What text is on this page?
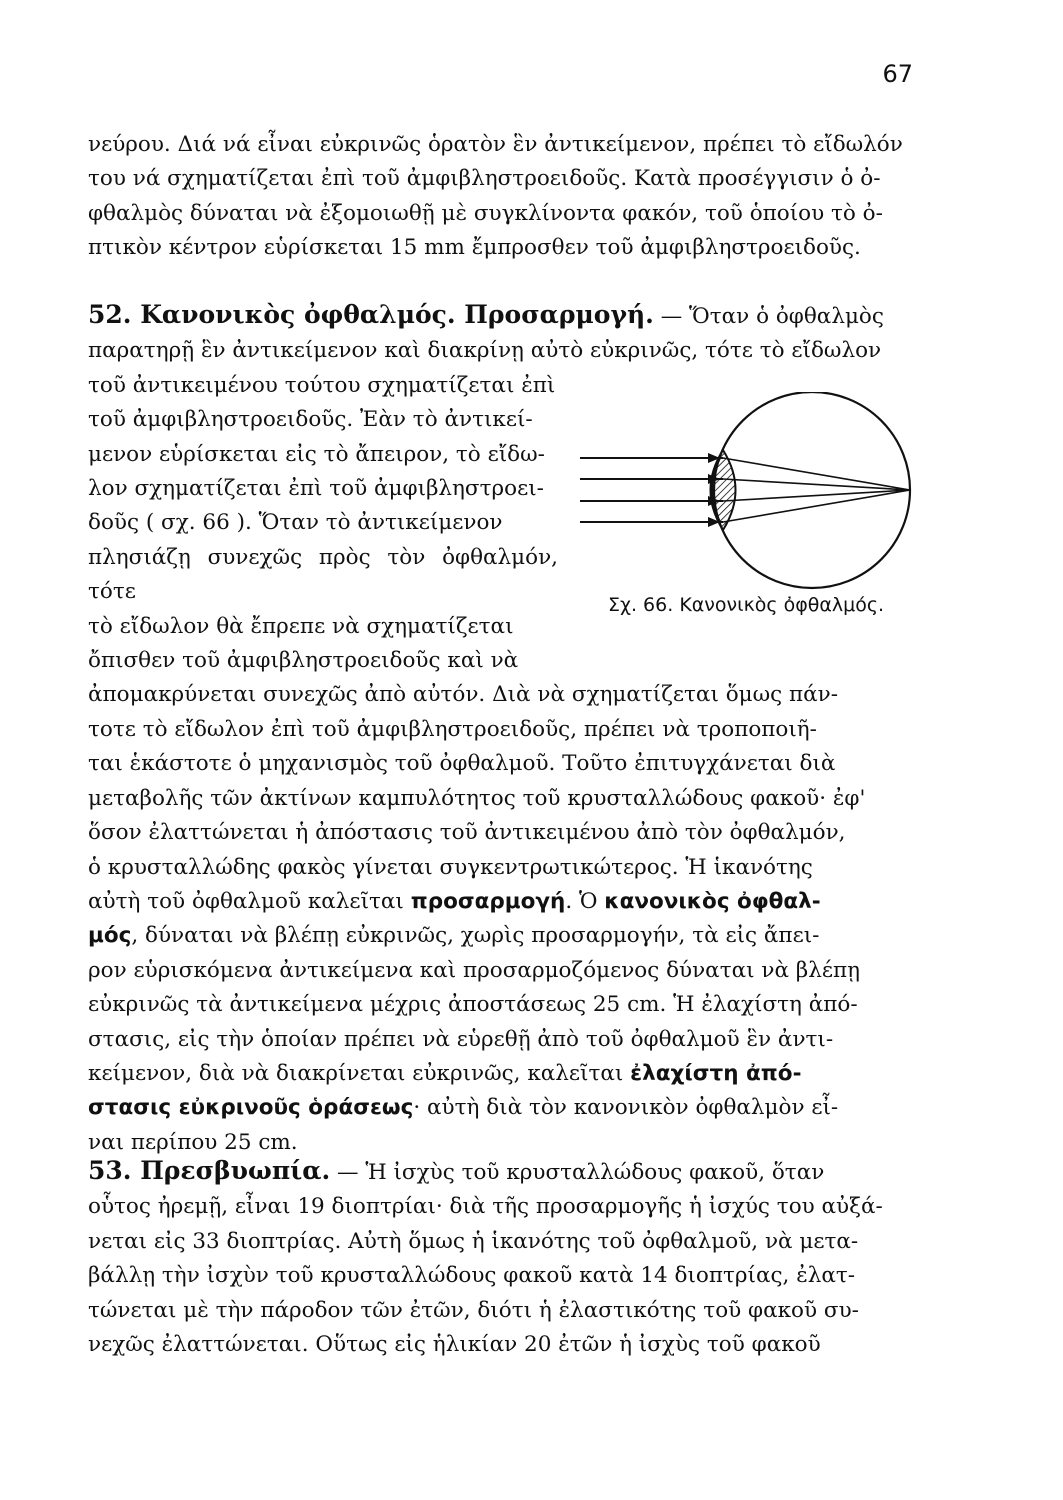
67
νεύρου. Διά νά εἶναι εὐκρινῶς ὁρατὸν ἓν ἀντικείμενον, πρέπει τὸ εἴδωλόν
του νά σχηματίζεται ἐπὶ τοῦ ἀμφιβληστροειδοῦς. Κατὰ προσέγγισιν ὁ ὀ-
φθαλμὸς δύναται νὰ ἐξομοιωθῇ μὲ συγκλίνοντα φακόν, τοῦ ὁποίου τὸ ὀ-
πτικὸν κέντρον εὑρίσκεται 15 mm ἔμπροσθεν τοῦ ἀμφιβληστροειδοῦς.
52. Κανονικὸς ὀφθαλμός. Προσαρμογή. — Ὅταν ὁ ὀφθαλμὸς
παρατηρῇ ἓν ἀντικείμενον καὶ διακρίνῃ αὐτὸ εὐκρινῶς, τότε τὸ εἴδωλον
τοῦ ἀντικειμένου τούτου σχηματίζεται ἐπὶ
τοῦ ἀμφιβληστροειδοῦς. Ἐὰν τὸ ἀντικεί-
μενον εὑρίσκεται εἰς τὸ ἄπειρον, τὸ εἴδω-
λον σχηματίζεται ἐπὶ τοῦ ἀμφιβληστροει-
δοῦς ( σχ. 66 ). Ὅταν τὸ ἀντικείμενον
πλησιάζῃ συνεχῶς πρὸς τὸν ὀφθαλμόν, τότε
τὸ εἴδωλον θὰ ἔπρεπε νὰ σχηματίζεται
ὄπισθεν τοῦ ἀμφιβληστροειδοῦς καὶ νὰ
ἀπομακρύνεται συνεχῶς ἀπὸ αὐτόν. Διὰ νὰ σχηματίζεται ὅμως πάν-
τοτε τὸ εἴδωλον ἐπὶ τοῦ ἀμφιβληστροειδοῦς, πρέπει νὰ τροποποιῆ-
ται ἑκάστοτε ὁ μηχανισμὸς τοῦ ὀφθαλμοῦ. Τοῦτο ἐπιτυγχάνεται διὰ
μεταβολῆς τῶν ἀκτίνων καμπυλότητος τοῦ κρυσταλλώδους φακοῦ· ἐφ'
ὅσον ἐλαττώνεται ἡ ἀπόστασις τοῦ ἀντικειμένου ἀπὸ τὸν ὀφθαλμόν,
ὁ κρυσταλλώδης φακὸς γίνεται συγκεντρωτικώτερος. Ἡ ἱκανότης
αὐτὴ τοῦ ὀφθαλμοῦ καλεῖται προσαρμογή. Ὁ κανονικὸς ὀφθαλ-
μός, δύναται νὰ βλέπῃ εὐκρινῶς, χωρὶς προσαρμογήν, τὰ εἰς ἄπει-
ρον εὑρισκόμενα ἀντικείμενα καὶ προσαρμοζόμενος δύναται νὰ βλέπῃ
εὐκρινῶς τὰ ἀντικείμενα μέχρις ἀποστάσεως 25 cm. Ἡ ἐλαχίστη ἀπό-
στασις, εἰς τὴν ὁποίαν πρέπει νὰ εὑρεθῇ ἀπὸ τοῦ ὀφθαλμοῦ ἓν ἀντι-
κείμενον, διὰ νὰ διακρίνεται εὐκρινῶς, καλεῖται ἐλαχίστη ἀπό-
στασις εὐκρινοῦς ὁράσεως· αὐτὴ διὰ τὸν κανονικὸν ὀφθαλμὸν εἶ-
ναι περίπου 25 cm.
53. Πρεσβυωπία. — Ἡ ἰσχὺς τοῦ κρυσταλλώδους φακοῦ, ὅταν
οὗτος ἠρεμῇ, εἶναι 19 διοπτρίαι· διὰ τῆς προσαρμογῆς ἡ ἰσχύς του αὐξά-
νεται εἰς 33 διοπτρίας. Αὐτὴ ὅμως ἡ ἱκανότης τοῦ ὀφθαλμοῦ, νὰ μετα-
βάλλῃ τὴν ἰσχὺν τοῦ κρυσταλλώδους φακοῦ κατὰ 14 διοπτρίας, ἐλατ-
τώνεται μὲ τὴν πάροδον τῶν ἐτῶν, διότι ἡ ἐλαστικότης τοῦ φακοῦ συ-
νεχῶς ἐλαττώνεται. Οὕτως εἰς ἡλικίαν 20 ἐτῶν ἡ ἰσχὺς τοῦ φακοῦ
Σχ. 66. Κανονικὸς ὀφθαλμός.
